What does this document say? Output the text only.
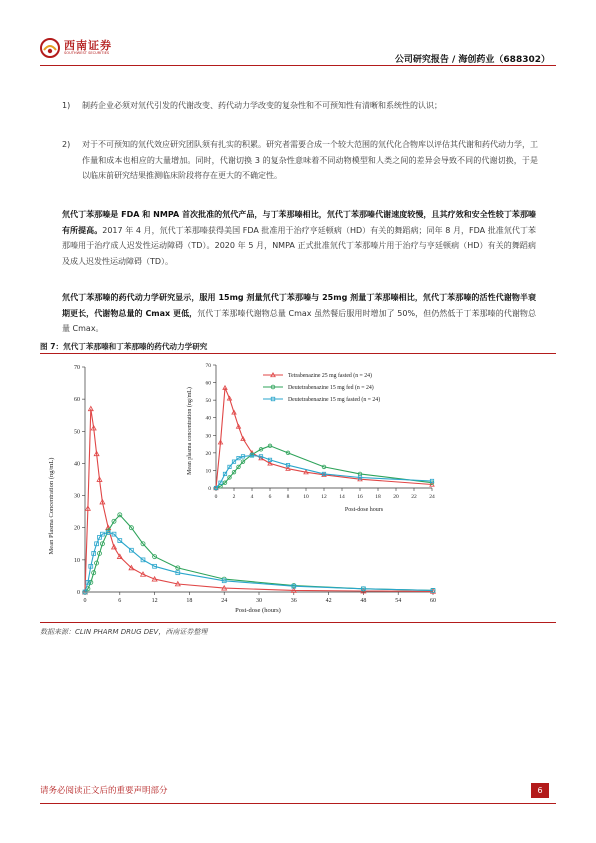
西南证券
SOUTHWEST SECURITIES
公司研究报告 / 海创药业（688302）
1) 制药企业必须对氘代引发的代谢改变、药代动力学改变的复杂性和不可预知性有清晰和系统性的认识；
2) 对于不可预知的氘代效应研究团队须有扎实的积累。研究者需要合成一个较大范围的氘代化合物库以评估其代谢和药代动力学，工作量和成本也相应的大量增加。同时，代谢切换 3 的复杂性意味着不同动物模型和人类之间的差异会导致不同的代谢切换，于是以临床前研究结果推测临床阶段将存在更大的不确定性。
氘代丁苯那嗪是 FDA 和 NMPA 首次批准的氘代产品，与丁苯那嗪相比，氘代丁苯那嗪代谢速度较慢，且其疗效和安全性较丁苯那嗪有所提高。2017 年 4 月，氘代丁苯那嗪获得美国 FDA 批准用于治疗亨廷顿病（HD）有关的舞蹈病；同年 8 月，FDA 批准氘代丁苯那嗪用于治疗成人迟发性运动障碍（TD）。2020 年 5 月，NMPA 正式批准氘代丁苯那嗪片用于治疗与亨廷顿病（HD）有关的舞蹈病及成人迟发性运动障碍（TD）。
氘代丁苯那嗪的药代动力学研究显示，服用 15mg 剂量氘代丁苯那嗪与 25mg 剂量丁苯那嗪相比，氘代丁苯那嗪的活性代谢物半衰期更长，代谢物总量的 Cmax 更低，氘代丁苯那嗪代谢物总量 Cmax 虽然餐后服用时增加了 50%，但仍然低于丁苯那嗪的代谢物总量 Cmax。
图 7：氘代丁苯那嗪和丁苯那嗪的药代动力学研究
Mean Plasma Concentration (ng/mL)
Post-dose (hours)
0
10
20
30
40
50
60
70
0	6	12	18	24	30	36	42	48	54	60
Mean plasma concentration (ng/mL)
Post-dose hours
0
10
20
30
40
50
60
70
0	2	4	6	8	10 12 14 16 18 20 22 24
Tetrabenazine 25 mg fasted (n = 24)
Deutetrabenazine 15 mg fed (n = 24)
Deutetrabenazine 15 mg fasted (n = 24)
数据来源：CLIN PHARM DRUG DEV，西南证券整理
请务必阅读正文后的重要声明部分	6
